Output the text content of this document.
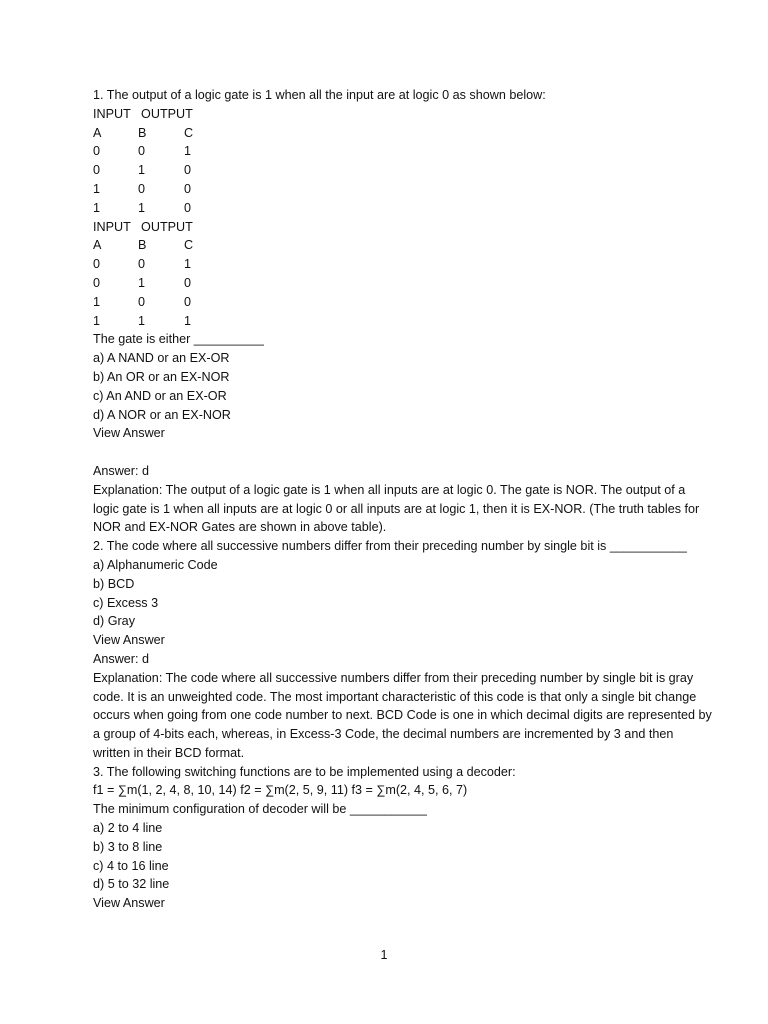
1. The output of a logic gate is 1 when all the input are at logic 0 as shown below:
INPUT   OUTPUT
A	B	C
0	0	1
0	1	0
1	0	0
1	1	0
INPUT   OUTPUT
A	B	C
0	0	1
0	1	0
1	0	0
1	1	1
The gate is either __________
a) A NAND or an EX-OR
b) An OR or an EX-NOR
c) An AND or an EX-OR
d) A NOR or an EX-NOR
View Answer
Answer: d
Explanation: The output of a logic gate is 1 when all inputs are at logic 0. The gate is NOR. The output of a logic gate is 1 when all inputs are at logic 0 or all inputs are at logic 1, then it is EX-NOR. (The truth tables for NOR and EX-NOR Gates are shown in above table).
2. The code where all successive numbers differ from their preceding number by single bit is ___________
a) Alphanumeric Code
b) BCD
c) Excess 3
d) Gray
View Answer
Answer: d
Explanation: The code where all successive numbers differ from their preceding number by single bit is gray code. It is an unweighted code. The most important characteristic of this code is that only a single bit change occurs when going from one code number to next. BCD Code is one in which decimal digits are represented by a group of 4-bits each, whereas, in Excess-3 Code, the decimal numbers are incremented by 3 and then written in their BCD format.
3. The following switching functions are to be implemented using a decoder:
f1 = ∑m(1, 2, 4, 8, 10, 14) f2 = ∑m(2, 5, 9, 11) f3 = ∑m(2, 4, 5, 6, 7)
The minimum configuration of decoder will be ___________
a) 2 to 4 line
b) 3 to 8 line
c) 4 to 16 line
d) 5 to 32 line
View Answer
1
